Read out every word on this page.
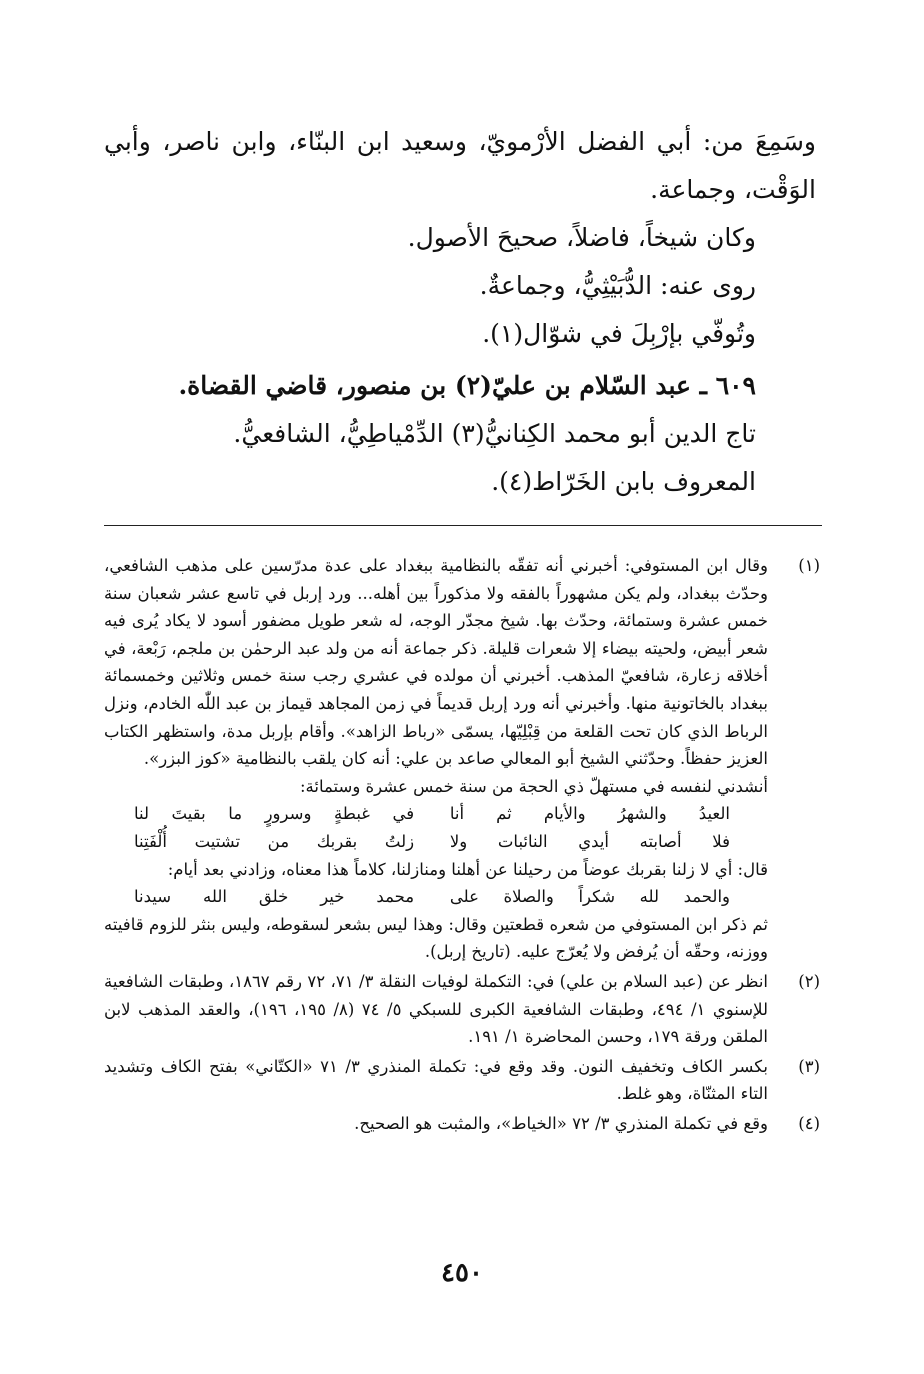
وسَمِعَ من: أبي الفضل الأرْمويّ، وسعيد ابن البنّاء، وابن ناصر، وأبي الوَقْت، وجماعة.

وكان شيخاً، فاضلاً، صحيحَ الأصول.

روى عنه: الدُّبَيْثِيُّ، وجماعةٌ.

وتُوفّي بإرْبِلَ في شوّال(١).

٦٠٩ ـ عبد السّلام بن عليّ(٢) بن منصور، قاضي القضاة.

تاج الدين أبو محمد الكِنانيُّ(٣) الدِّمْياطِيُّ، الشافعيُّ.

المعروف بابن الخَرّاط(٤).

(١)

وقال ابن المستوفي: أخبرني أنه تفقّه بالنظامية ببغداد على عدة مدرّسين على مذهب الشافعي، وحدّث ببغداد، ولم يكن مشهوراً بالفقه ولا مذكوراً بين أهله... ورد إربل في تاسع عشر شعبان سنة خمس عشرة وستمائة، وحدّث بها. شيخ مجدّر الوجه، له شعر طويل مضفور أسود لا يكاد يُرى فيه شعر أبيض، ولحيته بيضاء إلا شعرات قليلة. ذكر جماعة أنه من ولد عبد الرحمٰن بن ملجم، رَبْعة، في أخلاقه زعارة، شافعيّ المذهب. أخبرني أن مولده في عشري رجب سنة خمس وثلاثين وخمسمائة ببغداد بالخاتونية منها. وأخبرني أنه ورد إربل قديماً في زمن المجاهد قيماز بن عبد اللّٰه الخادم، ونزل الرباط الذي كان تحت القلعة من قِبْلِيّها، يسمّى «رباط الزاهد». وأقام بإربل مدة، واستظهر الكتاب العزيز حفظاً. وحدّثني الشيخ أبو المعالي صاعد بن علي: أنه كان يلقب بالنظامية «كوز البزر».

أنشدني لنفسه في مستهلّ ذي الحجة من سنة خمس عشرة وستمائة:

العيدُ والشهرُ والأيام ثم أنا
في غبطةٍ وسرورٍ ما بقيتَ لنا
فلا أصابته أيدي النائبات ولا
زلتُ بقربك من تشتيت أُلْفَتِنا

قال: أي لا زلنا بقربك عوضاً من رحيلنا عن أهلنا ومنازلنا، كلاماً هذا معناه، وزادني بعد أيام:

والحمد لله شكراً والصلاة على
محمد خير خلق الله سيدنا

ثم ذكر ابن المستوفي من شعره قطعتين وقال: وهذا ليس بشعر لسقوطه، وليس بنثر للزوم قافيته ووزنه، وحقّه أن يُرفض ولا يُعرّج عليه. (تاريخ إربل).

(٢)

انظر عن (عبد السلام بن علي) في: التكملة لوفيات النقلة ٣/ ٧١، ٧٢ رقم ١٨٦٧، وطبقات الشافعية للإسنوي ١/ ٤٩٤، وطبقات الشافعية الكبرى للسبكي ٥/ ٧٤ (٨/ ١٩٥، ١٩٦)، والعقد المذهب لابن الملقن ورقة ١٧٩، وحسن المحاضرة ١/ ١٩١.

(٣)

بكسر الكاف وتخفيف النون. وقد وقع في: تكملة المنذري ٣/ ٧١ «الكتّاني» بفتح الكاف وتشديد التاء المثنّاة، وهو غلط.

(٤)

وقع في تكملة المنذري ٣/ ٧٢ «الخياط»، والمثبت هو الصحيح.

٤٥٠
